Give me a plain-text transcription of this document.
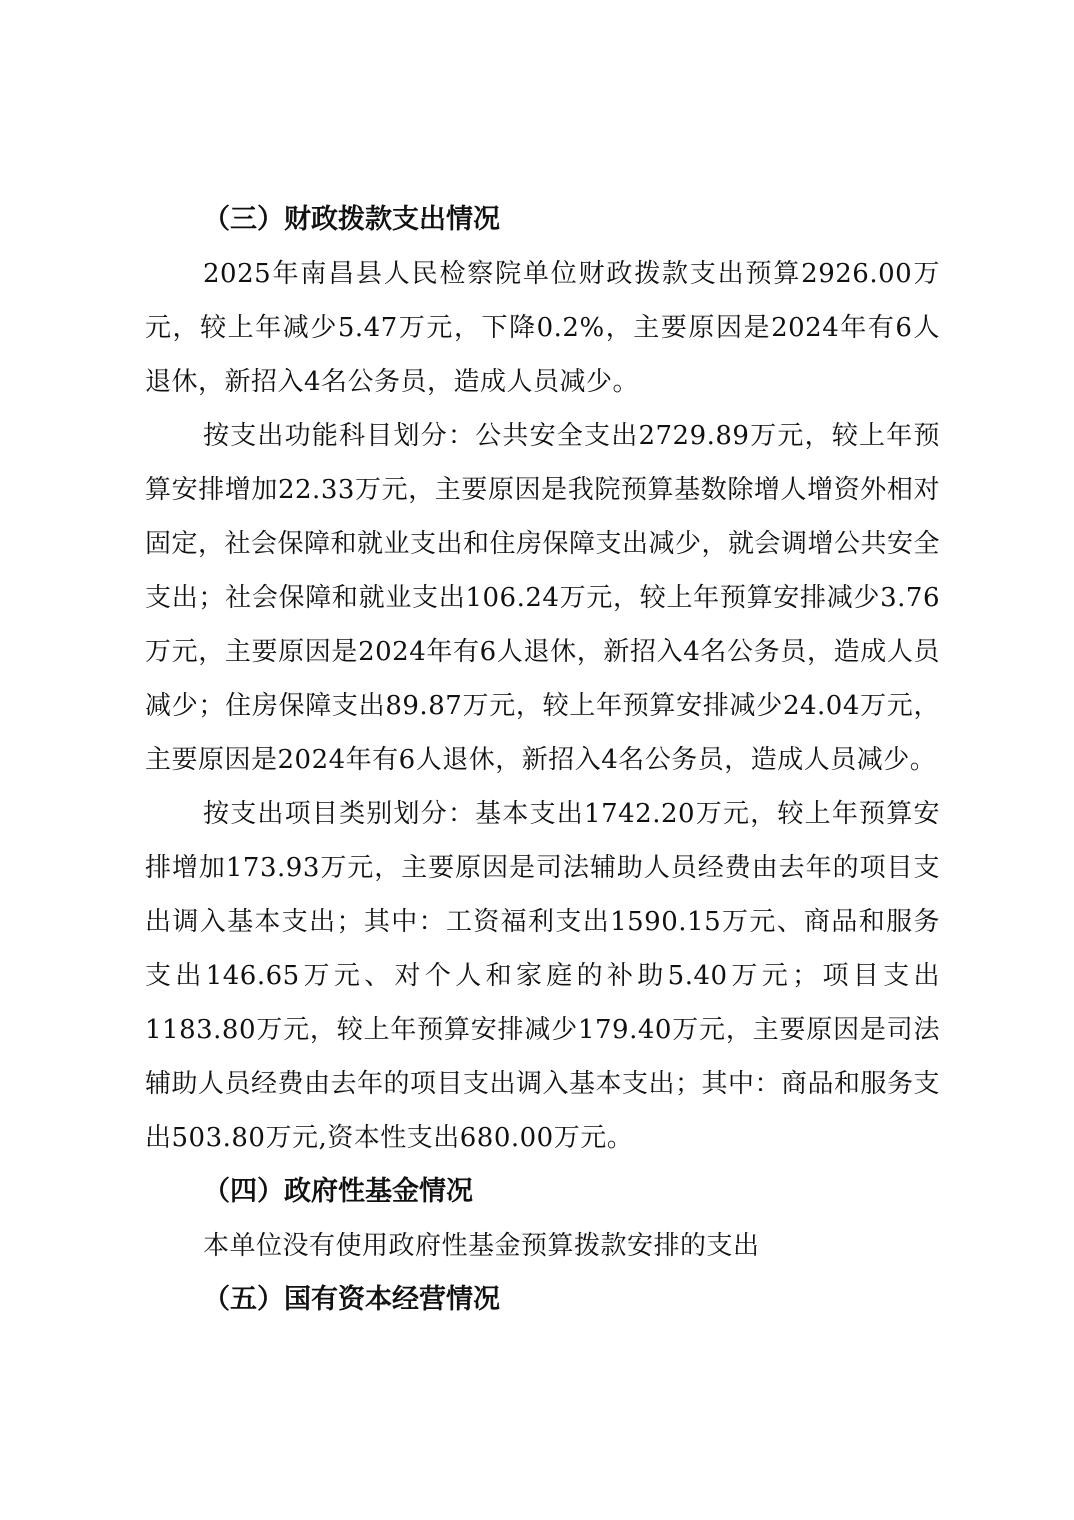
（三）财政拨款支出情况

2025年南昌县人民检察院单位财政拨款支出预算2926.00万元，较上年减少5.47万元，下降0.2%，主要原因是2024年有6人退休，新招入4名公务员，造成人员减少。

按支出功能科目划分：公共安全支出2729.89万元，较上年预算安排增加22.33万元，主要原因是我院预算基数除增人增资外相对固定，社会保障和就业支出和住房保障支出减少，就会调增公共安全支出；社会保障和就业支出106.24万元，较上年预算安排减少3.76万元，主要原因是2024年有6人退休，新招入4名公务员，造成人员减少；住房保障支出89.87万元，较上年预算安排减少24.04万元，主要原因是2024年有6人退休，新招入4名公务员，造成人员减少。

按支出项目类别划分：基本支出1742.20万元，较上年预算安排增加173.93万元，主要原因是司法辅助人员经费由去年的项目支出调入基本支出；其中：工资福利支出1590.15万元、商品和服务支出146.65万元、对个人和家庭的补助5.40万元；项目支出1183.80万元，较上年预算安排减少179.40万元，主要原因是司法辅助人员经费由去年的项目支出调入基本支出；其中：商品和服务支出503.80万元,资本性支出680.00万元。

（四）政府性基金情况
本单位没有使用政府性基金预算拨款安排的支出
（五）国有资本经营情况
